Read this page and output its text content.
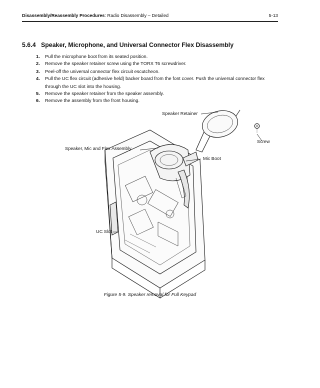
Disassembly/Reassembly Procedures: Radio Disassembly – Detailed	5-13
5.6.4 Speaker, Microphone, and Universal Connector Flex Disassembly
1.	Pull the microphone boot from its seated position.
2.	Remove the speaker retainer screw using the TORX T6 screwdriver.
3.	Peel-off the universal connector flex circuit escutcheon.
4.	Pull the UC flex circuit (adhesive held) backer board from the font cover. Push the universal connector flex through the UC slot into the housing.
5.	Remove the speaker retainer from the speaker assembly.
6.	Remove the assembly from the front housing.
Speaker Retainer
Screw
Speaker, Mic and Flex Assembly
Mic Boot
UC Slot
Figure 5-9. Speaker removal for Full Keypad
